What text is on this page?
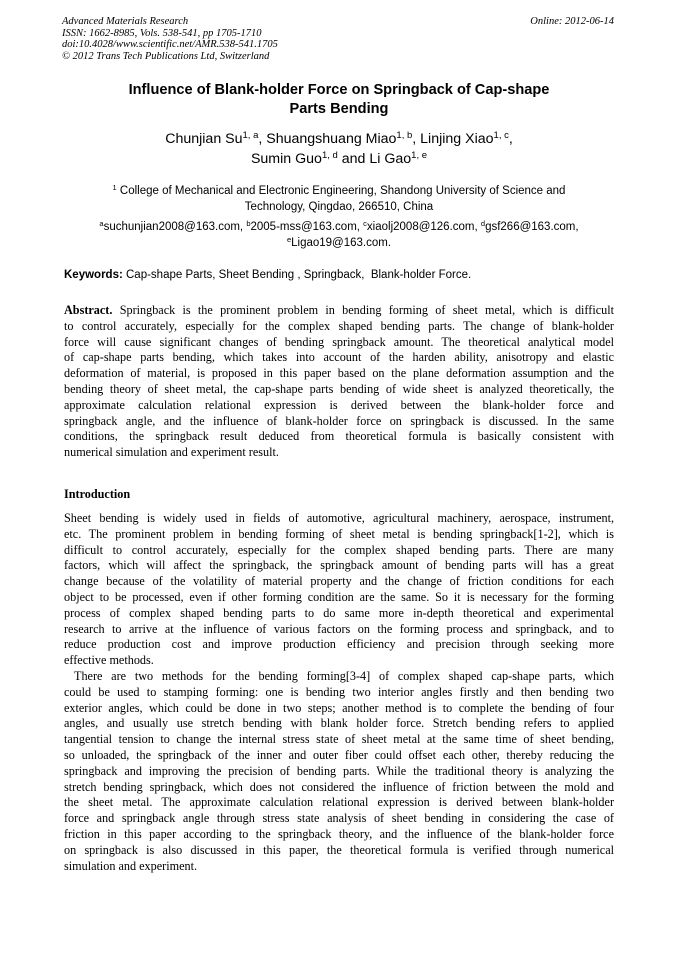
Advanced Materials Research
ISSN: 1662-8985, Vols. 538-541, pp 1705-1710
doi:10.4028/www.scientific.net/AMR.538-541.1705
© 2012 Trans Tech Publications Ltd, Switzerland
Online: 2012-06-14
Influence of Blank-holder Force on Springback of Cap-shape
Parts Bending
Chunjian Su$^{1, a}$, Shuangshuang Miao$^{1, b}$, Linjing Xiao$^{1, c}$,
Sumin Guo$^{1, d}$ and Li Gao$^{1, e}$
$^1$ College of Mechanical and Electronic Engineering, Shandong University of Science and
Technology, Qingdao, 266510, China
$^a$suchunjian2008@163.com, $^b$2005-mss@163.com, $^c$xiaolj2008@126.com, $^d$gsf266@163.com,
$^e$Ligao19@163.com.
Keywords: Cap-shape Parts, Sheet Bending , Springback,  Blank-holder Force.
Abstract. Springback is the prominent problem in bending forming of sheet metal, which is difficult
to control accurately, especially for the complex shaped bending parts. The change of blank-holder
force will cause significant changes of bending springback amount. The theoretical analytical model
of cap-shape parts bending, which takes into account of the harden ability, anisotropy and elastic
deformation of material, is proposed in this paper based on the plane deformation assumption and the
bending theory of sheet metal, the cap-shape parts bending of wide sheet is analyzed theoretically, the
approximate calculation relational expression is derived between the blank-holder force and
springback angle, and the influence of blank-holder force on springback is discussed. In the same
conditions, the springback result deduced from theoretical formula is basically consistent with
numerical simulation and experiment result.
Introduction
Sheet bending is widely used in fields of automotive, agricultural machinery, aerospace, instrument,
etc. The prominent problem in bending forming of sheet metal is bending springback[1-2], which is
difficult to control accurately, especially for the complex shaped bending parts. There are many
factors, which will affect the springback, the springback amount of bending parts will has a great
change because of the volatility of material property and the change of friction conditions for each
object to be processed, even if other forming condition are the same. So it is necessary for the forming
process of complex shaped bending parts to do same more in-depth theoretical and experimental
research to arrive at the influence of various factors on the forming process and springback, and to
reduce production cost and improve production efficiency and precision through seeking more
effective methods.
There are two methods for the bending forming[3-4] of complex shaped cap-shape parts, which
could be used to stamping forming: one is bending two interior angles firstly and then bending two
exterior angles, which could be done in two steps; another method is to complete the bending of four
angles, and usually use stretch bending with blank holder force. Stretch bending refers to applied
tangential tension to change the internal stress state of sheet metal at the same time of sheet bending,
so unloaded, the springback of the inner and outer fiber could offset each other, thereby reducing the
springback and improving the precision of bending parts. While the traditional theory is analyzing the
stretch bending springback, which does not considered the influence of friction between the mold and
the sheet metal. The approximate calculation relational expression is derived between blank-holder
force and springback angle through stress state analysis of sheet bending in considering the case of
friction in this paper according to the springback theory, and the influence of the blank-holder force
on springback is also discussed in this paper, the theoretical formula is verified through numerical
simulation and experiment.
